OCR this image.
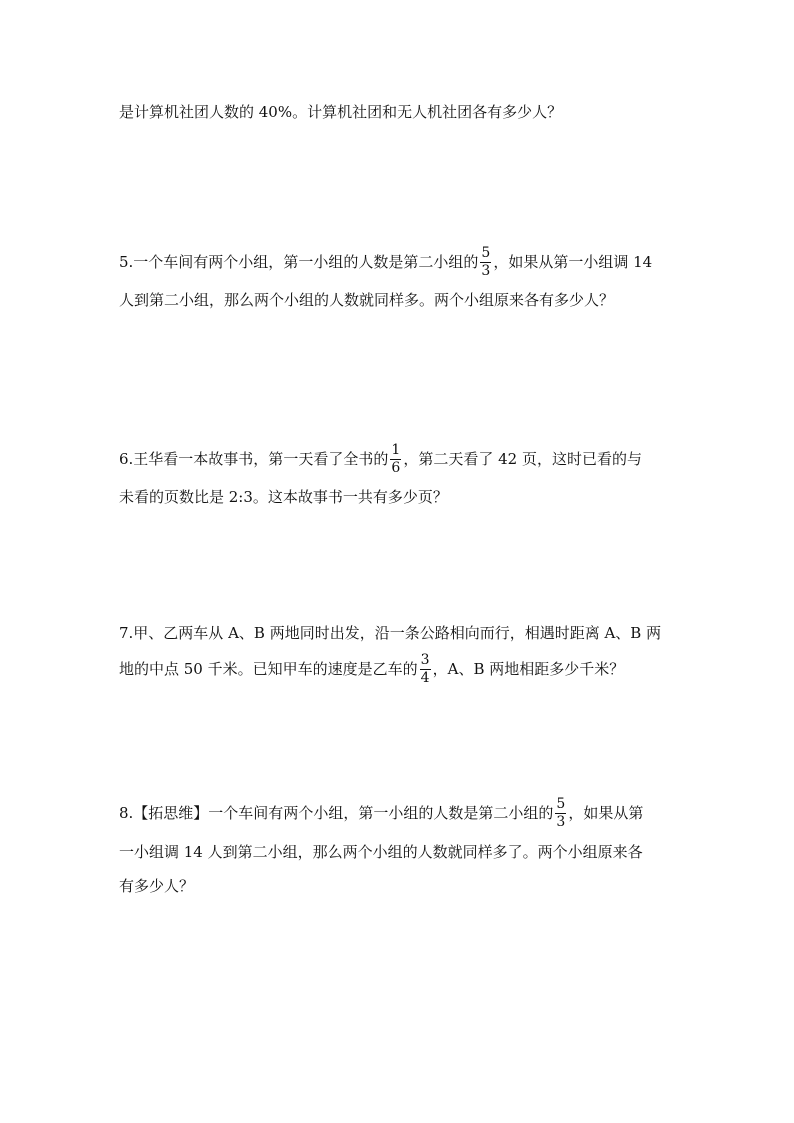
是计算机社团人数的 40%。计算机社团和无人机社团各有多少人？
5.一个车间有两个小组，第一小组的人数是第二小组的 $\frac{5}{3}$ ，如果从第一小组调 14
人到第二小组，那么两个小组的人数就同样多。两个小组原来各有多少人？
6.王华看一本故事书，第一天看了全书的 $\frac{1}{6}$ ，第二天看了 42 页，这时已看的与
未看的页数比是 2:3。这本故事书一共有多少页？
7.甲、乙两车从 A、B 两地同时出发，沿一条公路相向而行，相遇时距离 A、B 两
地的中点 50 千米。已知甲车的速度是乙车的 $\frac{3}{4}$ ，A、B 两地相距多少千米？
8.【拓思维】一个车间有两个小组，第一小组的人数是第二小组的 $\frac{5}{3}$ ，如果从第
一小组调 14 人到第二小组，那么两个小组的人数就同样多了。两个小组原来各
有多少人？
